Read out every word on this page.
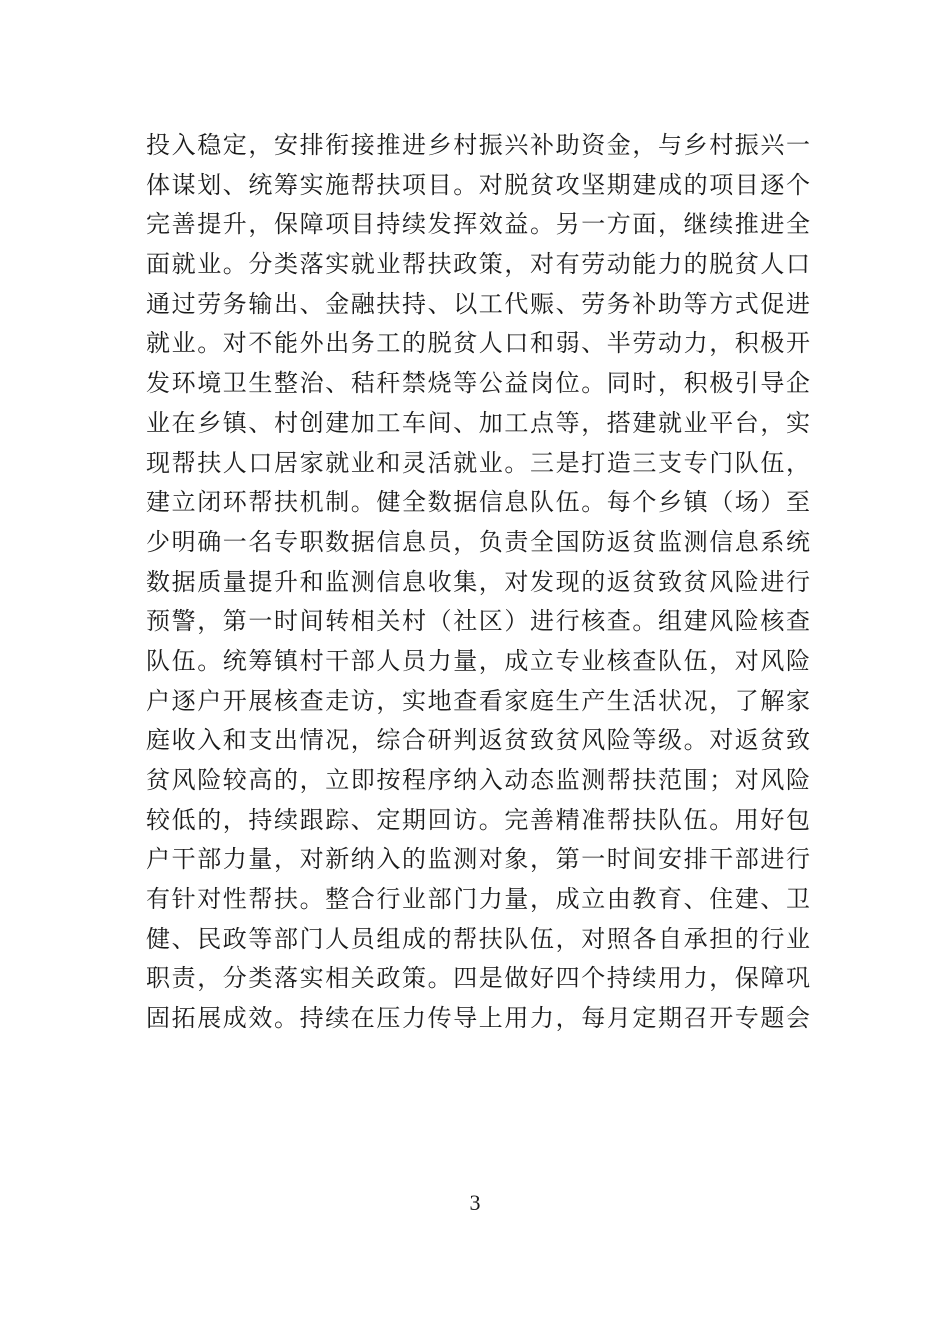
投入稳定，安排衔接推进乡村振兴补助资金，与乡村振兴一
体谋划、统筹实施帮扶项目。对脱贫攻坚期建成的项目逐个
完善提升，保障项目持续发挥效益。另一方面，继续推进全
面就业。分类落实就业帮扶政策，对有劳动能力的脱贫人口
通过劳务输出、金融扶持、以工代赈、劳务补助等方式促进
就业。对不能外出务工的脱贫人口和弱、半劳动力，积极开
发环境卫生整治、秸秆禁烧等公益岗位。同时，积极引导企
业在乡镇、村创建加工车间、加工点等，搭建就业平台，实
现帮扶人口居家就业和灵活就业。三是打造三支专门队伍，
建立闭环帮扶机制。健全数据信息队伍。每个乡镇（场）至
少明确一名专职数据信息员，负责全国防返贫监测信息系统
数据质量提升和监测信息收集，对发现的返贫致贫风险进行
预警，第一时间转相关村（社区）进行核查。组建风险核查
队伍。统筹镇村干部人员力量，成立专业核查队伍，对风险
户逐户开展核查走访，实地查看家庭生产生活状况，了解家
庭收入和支出情况，综合研判返贫致贫风险等级。对返贫致
贫风险较高的，立即按程序纳入动态监测帮扶范围；对风险
较低的，持续跟踪、定期回访。完善精准帮扶队伍。用好包
户干部力量，对新纳入的监测对象，第一时间安排干部进行
有针对性帮扶。整合行业部门力量，成立由教育、住建、卫
健、民政等部门人员组成的帮扶队伍，对照各自承担的行业
职责，分类落实相关政策。四是做好四个持续用力，保障巩
固拓展成效。持续在压力传导上用力，每月定期召开专题会
3
